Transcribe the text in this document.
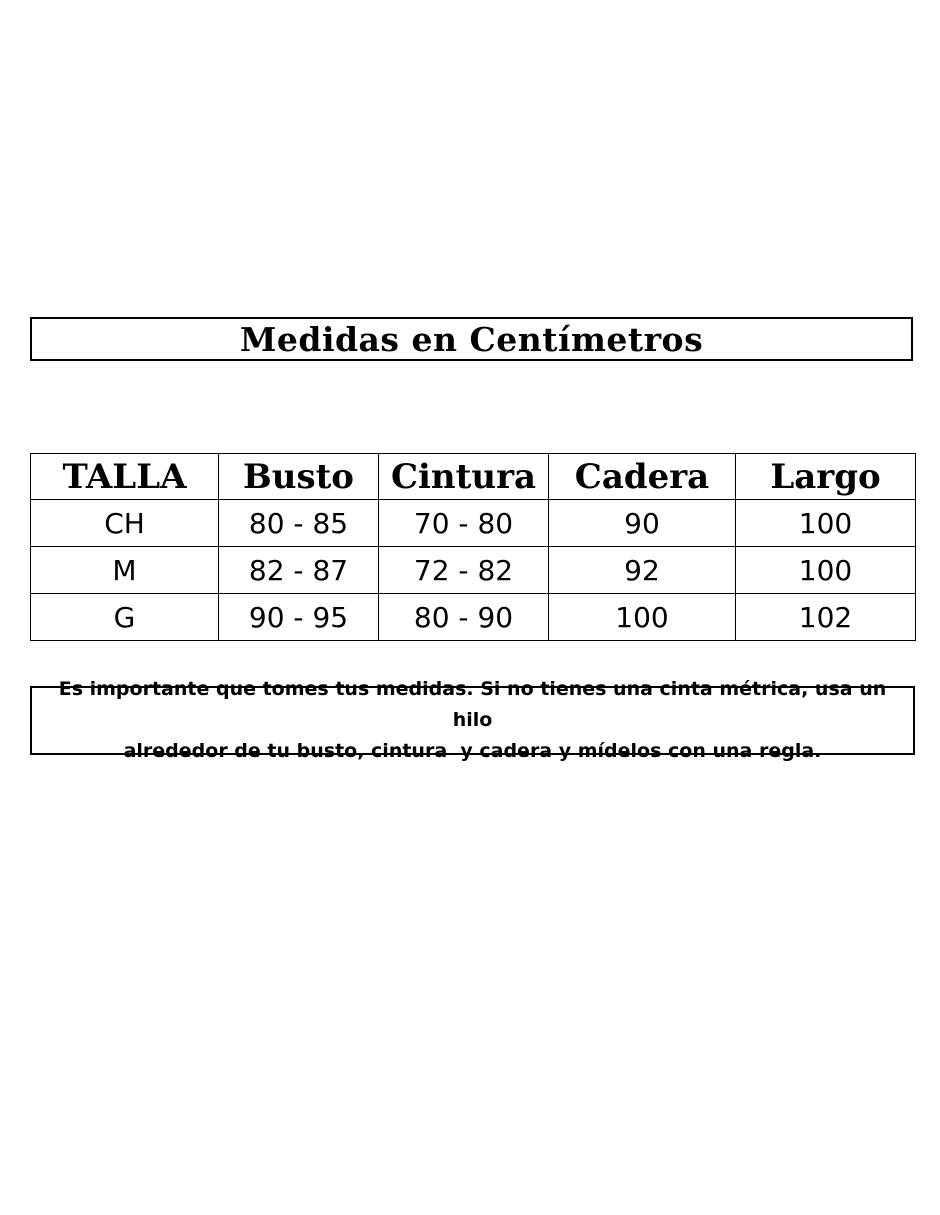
Medidas en Centímetros
TALLA	Busto	Cintura	Cadera	Largo
CH	80 - 85	70 - 80	90	100
M	82 - 87	72 - 82	92	100
G	90 - 95	80 - 90	100	102
Es importante que tomes tus medidas. Si no tienes una cinta métrica, usa un hilo
alrededor de tu busto, cintura  y cadera y mídelos con una regla.
